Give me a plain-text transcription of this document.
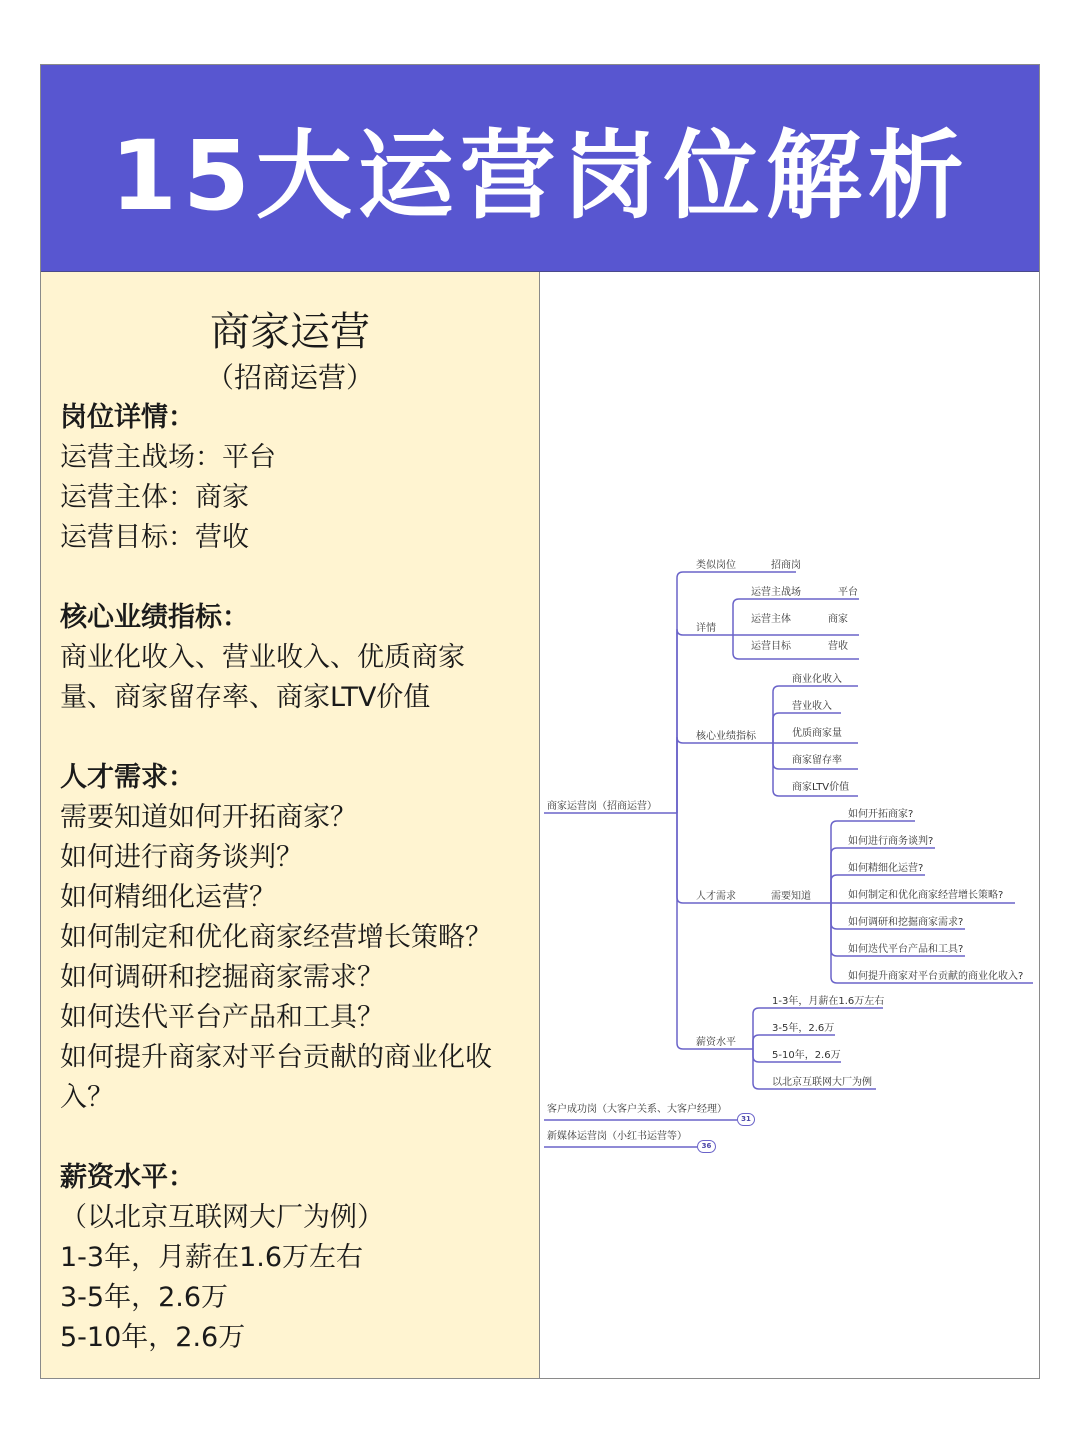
15大运营岗位解析
商家运营
（招商运营）
岗位详情：
运营主战场：平台
运营主体：商家
运营目标：营收
核心业绩指标：
商业化收入、营业收入、优质商家
量、商家留存率、商家LTV价值
人才需求：
需要知道如何开拓商家？
如何进行商务谈判？
如何精细化运营？
如何制定和优化商家经营增长策略？
如何调研和挖掘商家需求？
如何迭代平台产品和工具？
如何提升商家对平台贡献的商业化收
入？
薪资水平：
（以北京互联网大厂为例）
1-3年，月薪在1.6万左右
3-5年，2.6万
5-10年，2.6万
商家运营岗（招商运营）
类似岗位	招商岗
详情
运营主战场	平台
运营主体	商家
运营目标	营收
核心业绩指标
商业化收入
营业收入
优质商家量
商家留存率
商家LTV价值
人才需求	需要知道
如何开拓商家?
如何进行商务谈判?
如何精细化运营?
如何制定和优化商家经营增长策略?
如何调研和挖掘商家需求?
如何迭代平台产品和工具?
如何提升商家对平台贡献的商业化收入?
薪资水平
1-3年，月薪在1.6万左右
3-5年，2.6万
5-10年，2.6万
以北京互联网大厂为例
客户成功岗（大客户关系、大客户经理）
31
新媒体运营岗（小红书运营等）
36
